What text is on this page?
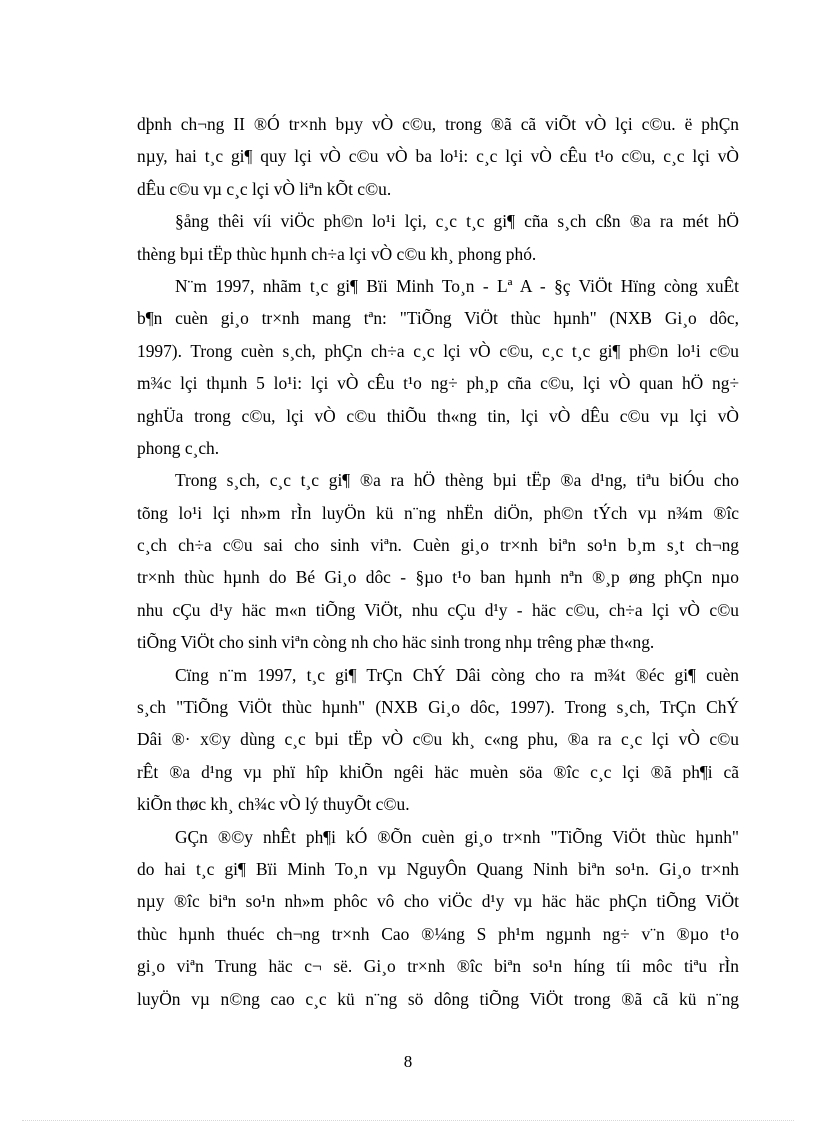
dþnh ch¬ng II ®Ó tr×nh bµy vÒ c©u, trong ®ã cã viÕt vÒ lçi c©u. ë phÇn
nµy, hai t¸c gi¶ quy lçi vÒ c©u vÒ ba lo¹i: c¸c lçi vÒ cÊu t¹o c©u, c¸c lçi vÒ
dÊu c©u vµ c¸c lçi vÒ liªn kÕt c©u.
§ång thêi víi viÖc ph©n lo¹i lçi, c¸c t¸c gi¶ cña s¸ch cßn ®a ra mét hÖ
thèng bµi tËp thùc hµnh ch÷a lçi vÒ c©u kh¸ phong phó.
N¨m 1997, nhãm t¸c gi¶ Bïi Minh To¸n - Lª A - §ç ViÖt Hïng còng xuÊt
b¶n cuèn gi¸o tr×nh mang tªn: "TiÕng ViÖt thùc hµnh" (NXB Gi¸o dôc,
1997). Trong cuèn s¸ch, phÇn ch÷a c¸c lçi vÒ c©u, c¸c t¸c gi¶ ph©n lo¹i c©u
m¾c lçi thµnh 5 lo¹i: lçi vÒ cÊu t¹o ng÷ ph¸p cña c©u, lçi vÒ quan hÖ ng÷
nghÜa trong c©u, lçi vÒ c©u thiÕu th«ng tin, lçi vÒ dÊu c©u vµ lçi vÒ
phong c¸ch.
Trong s¸ch, c¸c t¸c gi¶ ®a ra hÖ thèng bµi tËp ®a d¹ng, tiªu biÓu cho
tõng lo¹i lçi nh»m rÌn luyÖn kü n¨ng nhËn diÖn, ph©n tÝch vµ n¾m ®îc
c¸ch ch÷a c©u sai cho sinh viªn. Cuèn gi¸o tr×nh biªn so¹n b¸m s¸t ch¬ng
tr×nh thùc hµnh do Bé Gi¸o dôc - §µo t¹o ban hµnh nªn ®¸p øng phÇn nµo
nhu cÇu d¹y häc m«n tiÕng ViÖt, nhu cÇu d¹y - häc c©u, ch÷a lçi vÒ c©u
tiÕng ViÖt cho sinh viªn còng nh cho häc sinh trong nhµ trêng phæ th«ng.
Cïng n¨m 1997, t¸c gi¶ TrÇn ChÝ Dâi còng cho ra m¾t ®éc gi¶ cuèn
s¸ch "TiÕng ViÖt thùc hµnh" (NXB Gi¸o dôc, 1997). Trong s¸ch, TrÇn ChÝ
Dâi ®· x©y dùng c¸c bµi tËp vÒ c©u kh¸ c«ng phu, ®a ra c¸c lçi vÒ c©u
rÊt ®a d¹ng vµ phï hîp khiÕn ngêi häc muèn söa ®îc c¸c lçi ®ã ph¶i cã
kiÕn thøc kh¸ ch¾c vÒ lý thuyÕt c©u.
GÇn ®©y nhÊt ph¶i kÓ ®Õn cuèn gi¸o tr×nh "TiÕng ViÖt thùc hµnh"
do hai t¸c gi¶ Bïi Minh To¸n vµ NguyÔn Quang Ninh biªn so¹n. Gi¸o tr×nh
nµy ®îc biªn so¹n nh»m phôc vô cho viÖc d¹y vµ häc häc phÇn tiÕng ViÖt
thùc hµnh thuéc ch¬ng tr×nh Cao ®¼ng S ph¹m ngµnh ng÷ v¨n ®µo t¹o
gi¸o viªn Trung häc c¬ së. Gi¸o tr×nh ®îc biªn so¹n híng tíi môc tiªu rÌn
luyÖn vµ n©ng cao c¸c kü n¨ng sö dông tiÕng ViÖt trong ®ã cã kü n¨ng
8
